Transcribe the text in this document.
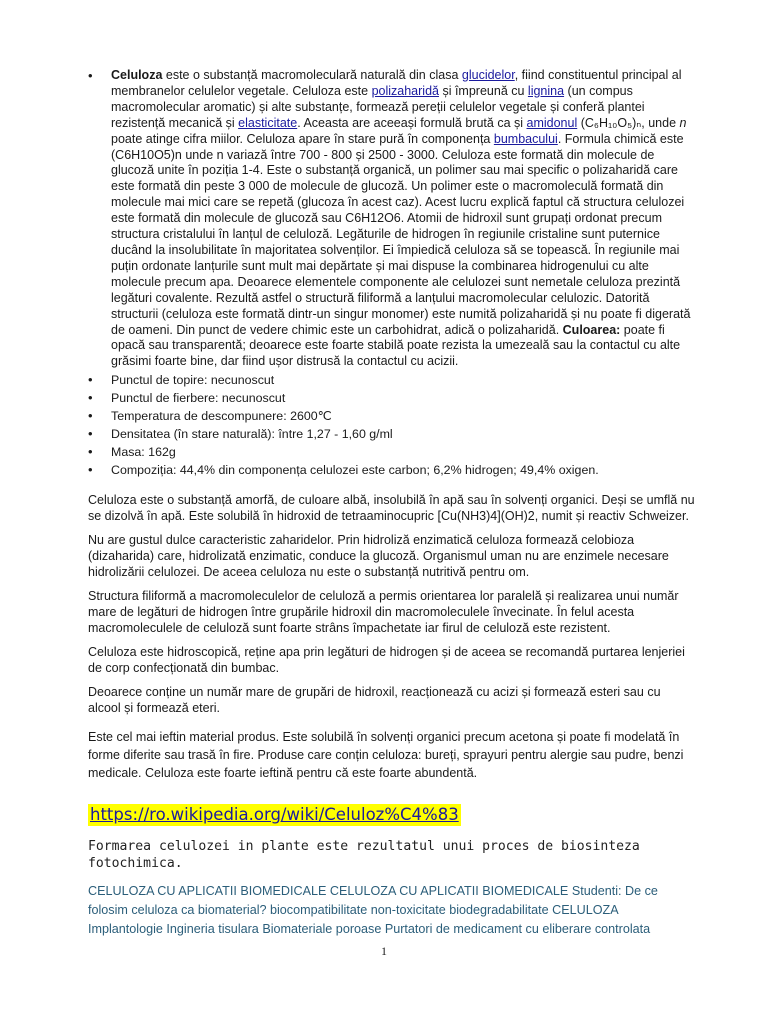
• Celuloza este o substanță macromoleculară naturală din clasa glucidelor, fiind constituentul principal al membranelor celulelor vegetale. Celuloza este polizaharidă și împreună cu lignina (un compus macromolecular aromatic) și alte substanțe, formează pereții celulelor vegetale și conferă plantei rezistență mecanică și elasticitate. Aceasta are aceeași formulă brută ca și amidonul (C₆H₁₀O₅)ₙ, unde n poate atinge cifra miilor. Celuloza apare în stare pură în componența bumbacului. Formula chimică este (C6H10O5)n unde n variază între 700 - 800 și 2500 - 3000. Celuloza este formată din molecule de glucoză unite în poziția 1-4. Este o substanță organică, un polimer sau mai specific o polizaharidă care este formată din peste 3 000 de molecule de glucoză. Un polimer este o macromoleculă formată din molecule mai mici care se repetă (glucoza în acest caz). Acest lucru explică faptul că structura celulozei este formată din molecule de glucoză sau C6H12O6. Atomii de hidroxil sunt grupați ordonat precum structura cristalului în lanțul de celuloză. Legăturile de hidrogen în regiunile cristaline sunt puternice ducând la insolubilitate în majoritatea solvenților. Ei împiedică celuloza să se topească. În regiunile mai puțin ordonate lanțurile sunt mult mai depărtate și mai dispuse la combinarea hidrogenului cu alte molecule precum apa. Deoarece elementele componente ale celulozei sunt nemetale celuloza prezintă legături covalente. Rezultă astfel o structură filiformă a lanțului macromolecular celulozic. Datorită structurii (celuloza este formată dintr-un singur monomer) este numită polizaharidă și nu poate fi digerată de oameni. Din punct de vedere chimic este un carbohidrat, adică o polizaharidă. Culoarea: poate fi opacă sau transparentă; deoarece este foarte stabilă poate rezista la umezeală sau la contactul cu alte grăsimi foarte bine, dar fiind ușor distrusă la contactul cu acizii.
• Punctul de topire: necunoscut
• Punctul de fierbere: necunoscut
• Temperatura de descompunere: 2600℃
• Densitatea (în stare naturală): între 1,27 - 1,60 g/ml
• Masa: 162g
• Compoziția: 44,4% din componența celulozei este carbon; 6,2% hidrogen; 49,4% oxigen.

Celuloza este o substanță amorfă, de culoare albă, insolubilă în apă sau în solvenți organici. Deși se umflă nu se dizolvă în apă. Este solubilă în hidroxid de tetraaminocupric [Cu(NH3)4](OH)2, numit și reactiv Schweizer.

Nu are gustul dulce caracteristic zaharidelor. Prin hidroliză enzimatică celuloza formează celobioza (dizaharida) care, hidrolizată enzimatic, conduce la glucoză. Organismul uman nu are enzimele necesare hidrolizării celulozei. De aceea celuloza nu este o substanță nutritivă pentru om.

Structura filiformă a macromoleculelor de celuloză a permis orientarea lor paralelă și realizarea unui număr mare de legături de hidrogen între grupările hidroxil din macromoleculele învecinate. În felul acesta macromoleculele de celuloză sunt foarte strâns împachetate iar firul de celuloză este rezistent.

Celuloza este hidroscopică, reține apa prin legături de hidrogen și de aceea se recomandă purtarea lenjeriei de corp confecționată din bumbac.

Deoarece conține un număr mare de grupări de hidroxil, reacționează cu acizi și formează esteri sau cu alcool și formează eteri.

Este cel mai ieftin material produs. Este solubilă în solvenți organici precum acetona și poate fi modelată în forme diferite sau trasă în fire. Produse care conțin celuloza: bureți, sprayuri pentru alergie sau pudre, benzi medicale. Celuloza este foarte ieftină pentru că este foarte abundentă.

https://ro.wikipedia.org/wiki/Celuloz%C4%83
Formarea celulozei in plante este rezultatul unui proces de biosinteza fotochimica.
CELULOZA CU APLICATII BIOMEDICALE CELULOZA CU APLICATII BIOMEDICALE Studenti: De ce folosim celuloza ca biomaterial? biocompatibilitate non-toxicitate biodegradabilitate CELULOZA Implantologie Ingineria tisulara Biomateriale poroase Purtatori de medicament cu eliberare controlata
1
